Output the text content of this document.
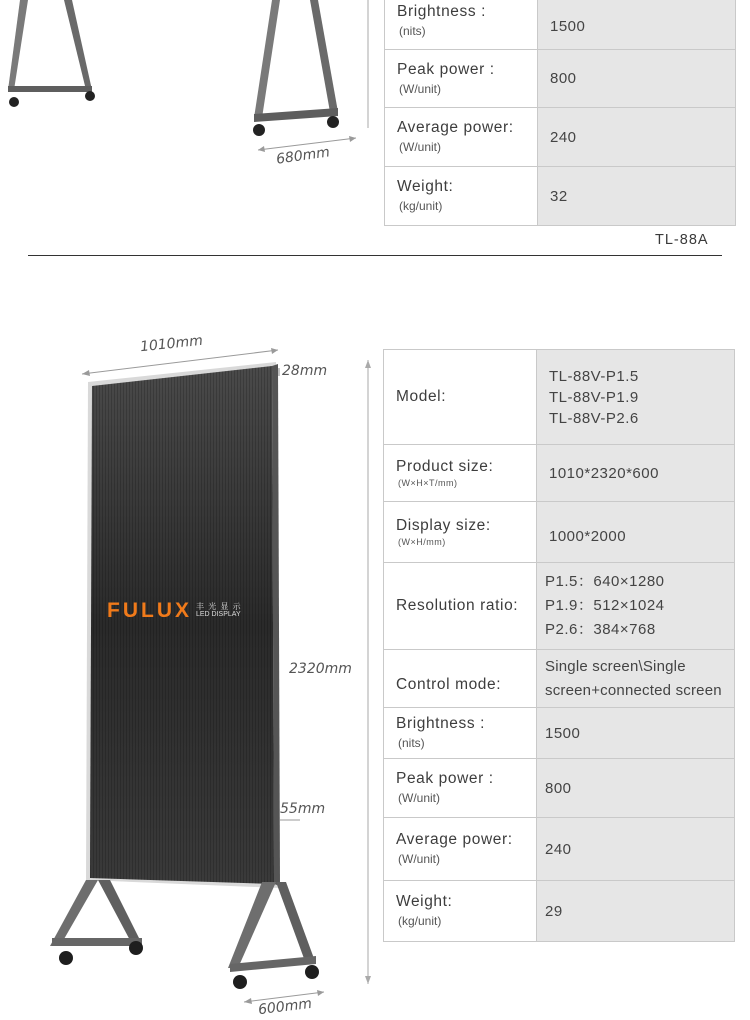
680mm
Brightness :
(nits)	1500

Peak power :
(W/unit)	800

Average power:
(W/unit)	240

Weight:
(kg/unit)	32
TL-88A
1010mm
28mm
2320mm
55mm
600mm
FULUX 丰 光 显 示
LED DISPLAY
Model:	TL-88V-P1.5
TL-88V-P1.9
TL-88V-P2.6

Product size:
(W×H×T/mm)	1010*2320*600

Display size:
(W×H/mm)	1000*2000

Resolution ratio:	P1.5：640×1280
P1.9：512×1024
P2.6：384×768

Control mode:	Single screen\Single
screen+connected screen

Brightness :
(nits)	1500

Peak power :
(W/unit)	800

Average power:
(W/unit)	240

Weight:
(kg/unit)	29
